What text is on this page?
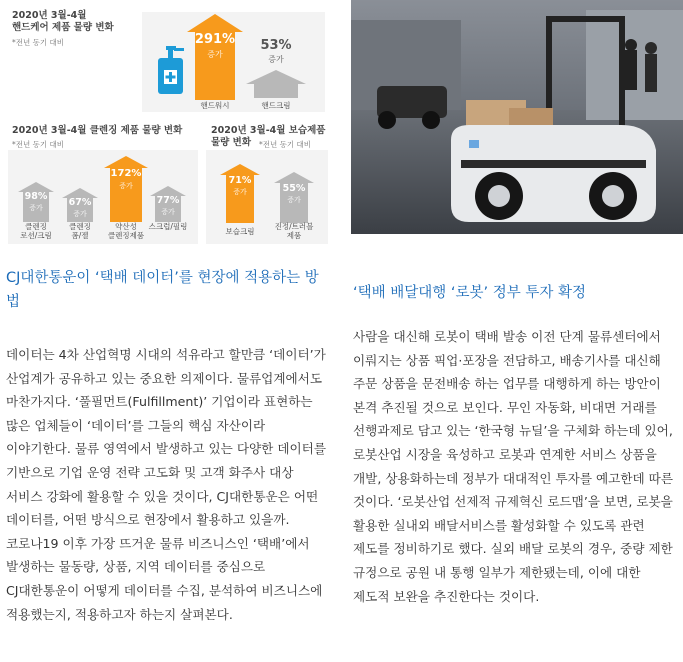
2020년 3월-4월
핸드케어 제품 물량 변화
*전년 동기 대비	291%
증가
핸드워시
53%
증가
핸드크림
2020년 3월-4월 클렌징 제품 물량 변화
*전년 동기 대비
98%
증가
클렌징
로션/크림
67%
증가
클렌징
폼/젤
172%
증가
약산성
클렌징제품
77%
증가
스크럽/필링
2020년 3월-4월 보습제품
물량 변화	*전년 동기 대비
71%
증가
보습크림
55%
증가
진정/트러블
제품
CJ대한통운이 ‘택배 데이터’를 현장에 적용하는 방법

데이터는 4차 산업혁명 시대의 석유라고 할만큼 ‘데이터’가 산업계가 공유하고 있는 중요한 의제이다. 물류업계에서도 마찬가지다. ‘풀필먼트(Fulfillment)’ 기업이라 표현하는 많은 업체들이 ‘데이터’를 그들의 핵심 자산이라 이야기한다. 물류 영역에서 발생하고 있는 다양한 데이터를 기반으로 기업 운영 전략 고도화 및 고객 화주사 대상 서비스 강화에 활용할 수 있을 것이다, CJ대한통운은 어떤 데이터를, 어떤 방식으로 현장에서 활용하고 있을까. 코로나19 이후 가장 뜨거운 물류 비즈니스인 ‘택배’에서 발생하는 물동량, 상품, 지역 데이터를 중심으로 CJ대한통운이 어떻게 데이터를 수집, 분석하여 비즈니스에 적용했는지, 적용하고자 하는지 살펴본다.

‘택배 배달대행 ‘로봇’ 정부 투자 확정

사람을 대신해 로봇이 택배 발송 이전 단계 물류센터에서 이뤄지는 상품 픽업·포장을 전담하고, 배송기사를 대신해 주문 상품을 문전배송 하는 업무를 대행하게 하는 방안이 본격 추진될 것으로 보인다. 무인 자동화, 비대면 거래를 선행과제로 담고 있는 ‘한국형 뉴딜’을 구체화 하는데 있어, 로봇산업 시장을 육성하고 로봇과 연계한 서비스 상품을 개발, 상용화하는데 정부가 대대적인 투자를 예고한데 따른 것이다. ‘로봇산업 선제적 규제혁신 로드맵’을 보면, 로봇을 활용한 실내외 배달서비스를 활성화할 수 있도록 관련 제도를 정비하기로 했다. 실외 배달 로봇의 경우, 중량 제한 규정으로 공원 내 통행 일부가 제한됐는데, 이에 대한 제도적 보완을 추진한다는 것이다.
